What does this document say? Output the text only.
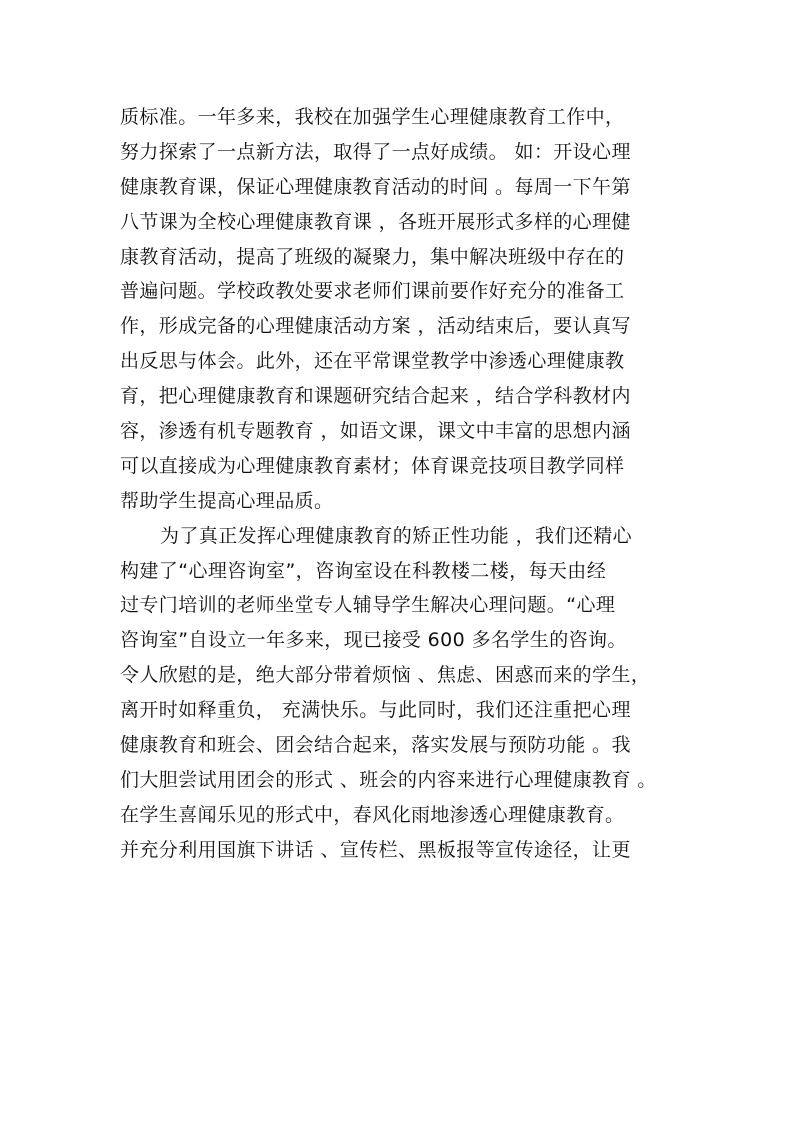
质标准。一年多来，我校在加强学生心理健康教育工作中，
努力探索了一点新方法，取得了一点好成绩。 如：开设心理
健康教育课，保证心理健康教育活动的时间 。每周一下午第
八节课为全校心理健康教育课 ，各班开展形式多样的心理健
康教育活动，提高了班级的凝聚力，集中解决班级中存在的
普遍问题。学校政教处要求老师们课前要作好充分的准备工
作，形成完备的心理健康活动方案 ，活动结束后，要认真写
出反思与体会。此外，还在平常课堂教学中渗透心理健康教
育，把心理健康教育和课题研究结合起来 ，结合学科教材内
容，渗透有机专题教育 ，如语文课，课文中丰富的思想内涵
可以直接成为心理健康教育素材；体育课竞技项目教学同样
帮助学生提高心理品质。
为了真正发挥心理健康教育的矫正性功能 ，我们还精心
构建了“心理咨询室”，咨询室设在科教楼二楼，每天由经
过专门培训的老师坐堂专人辅导学生解决心理问题。“心理
咨询室”自设立一年多来，现已接受 600 多名学生的咨询。
令人欣慰的是，绝大部分带着烦恼 、焦虑、困惑而来的学生，
离开时如释重负， 充满快乐。与此同时，我们还注重把心理
健康教育和班会、团会结合起来，落实发展与预防功能 。我
们大胆尝试用团会的形式 、班会的内容来进行心理健康教育 。
在学生喜闻乐见的形式中，春风化雨地渗透心理健康教育。
并充分利用国旗下讲话 、宣传栏、黑板报等宣传途径，让更
